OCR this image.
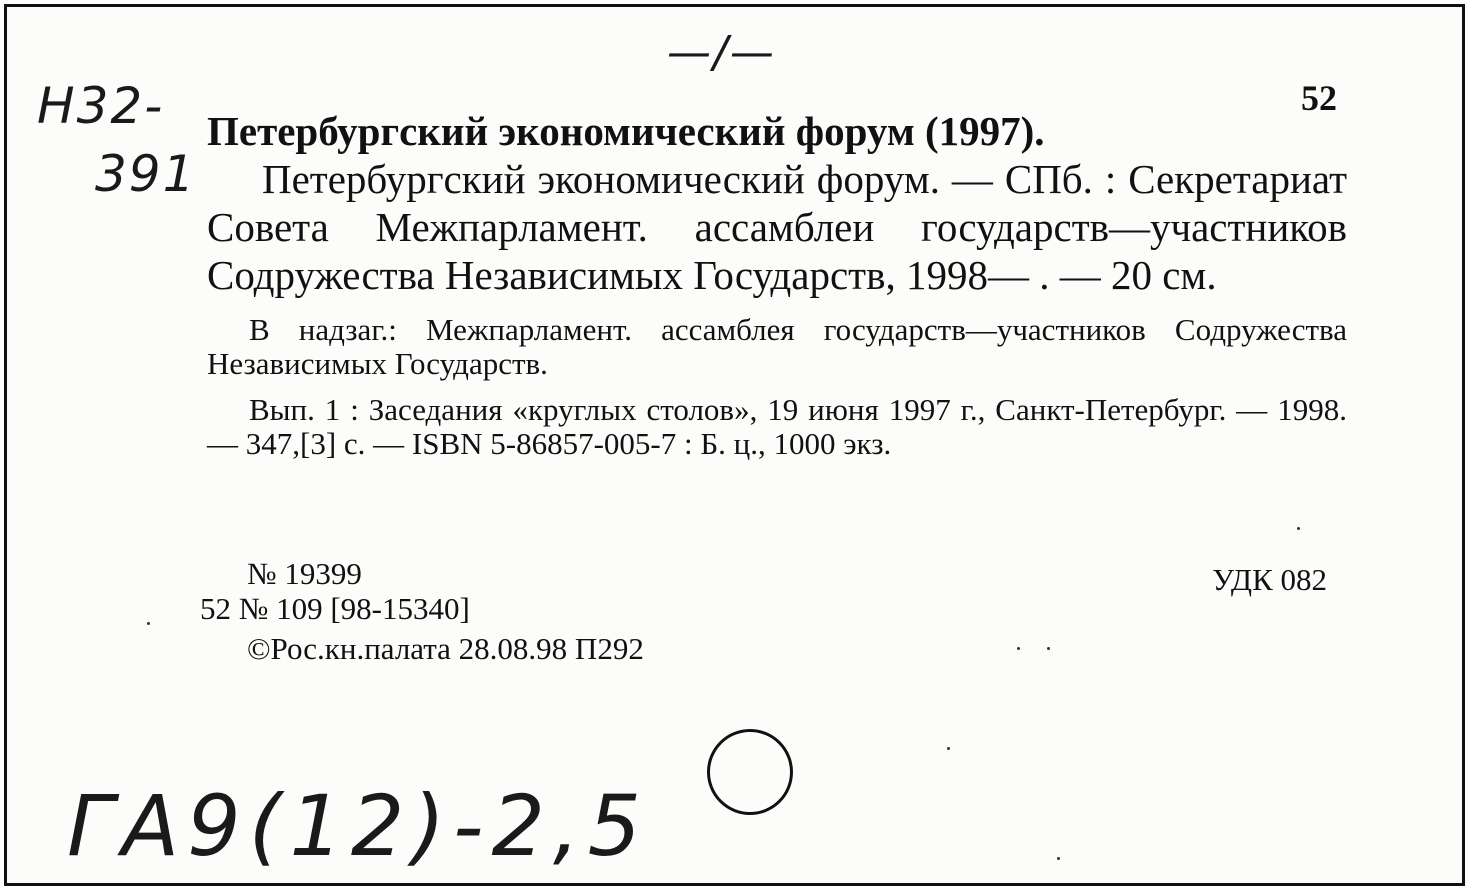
—/—
Н32-
391
52
Петербургский экономический форум (1997).
Петербургский экономический форум. — СПб. : Секретариат Совета Межпарламент. ассамблеи государств—участников Содружества Независимых Государств, 1998— . — 20 см.
В надзаг.: Межпарламент. ассамблея государств—участников Содружества Независимых Государств.
Вып. 1 : Заседания «круглых столов», 19 июня 1997 г., Санкт-Петербург. — 1998. — 347,[3] с. — ISBN 5-86857-005-7 : Б. ц., 1000 экз.
№ 19399
52 № 109 [98-15340]
©Рос.кн.палата 28.08.98 П292
УДК 082
ГА9(12)-2,5
